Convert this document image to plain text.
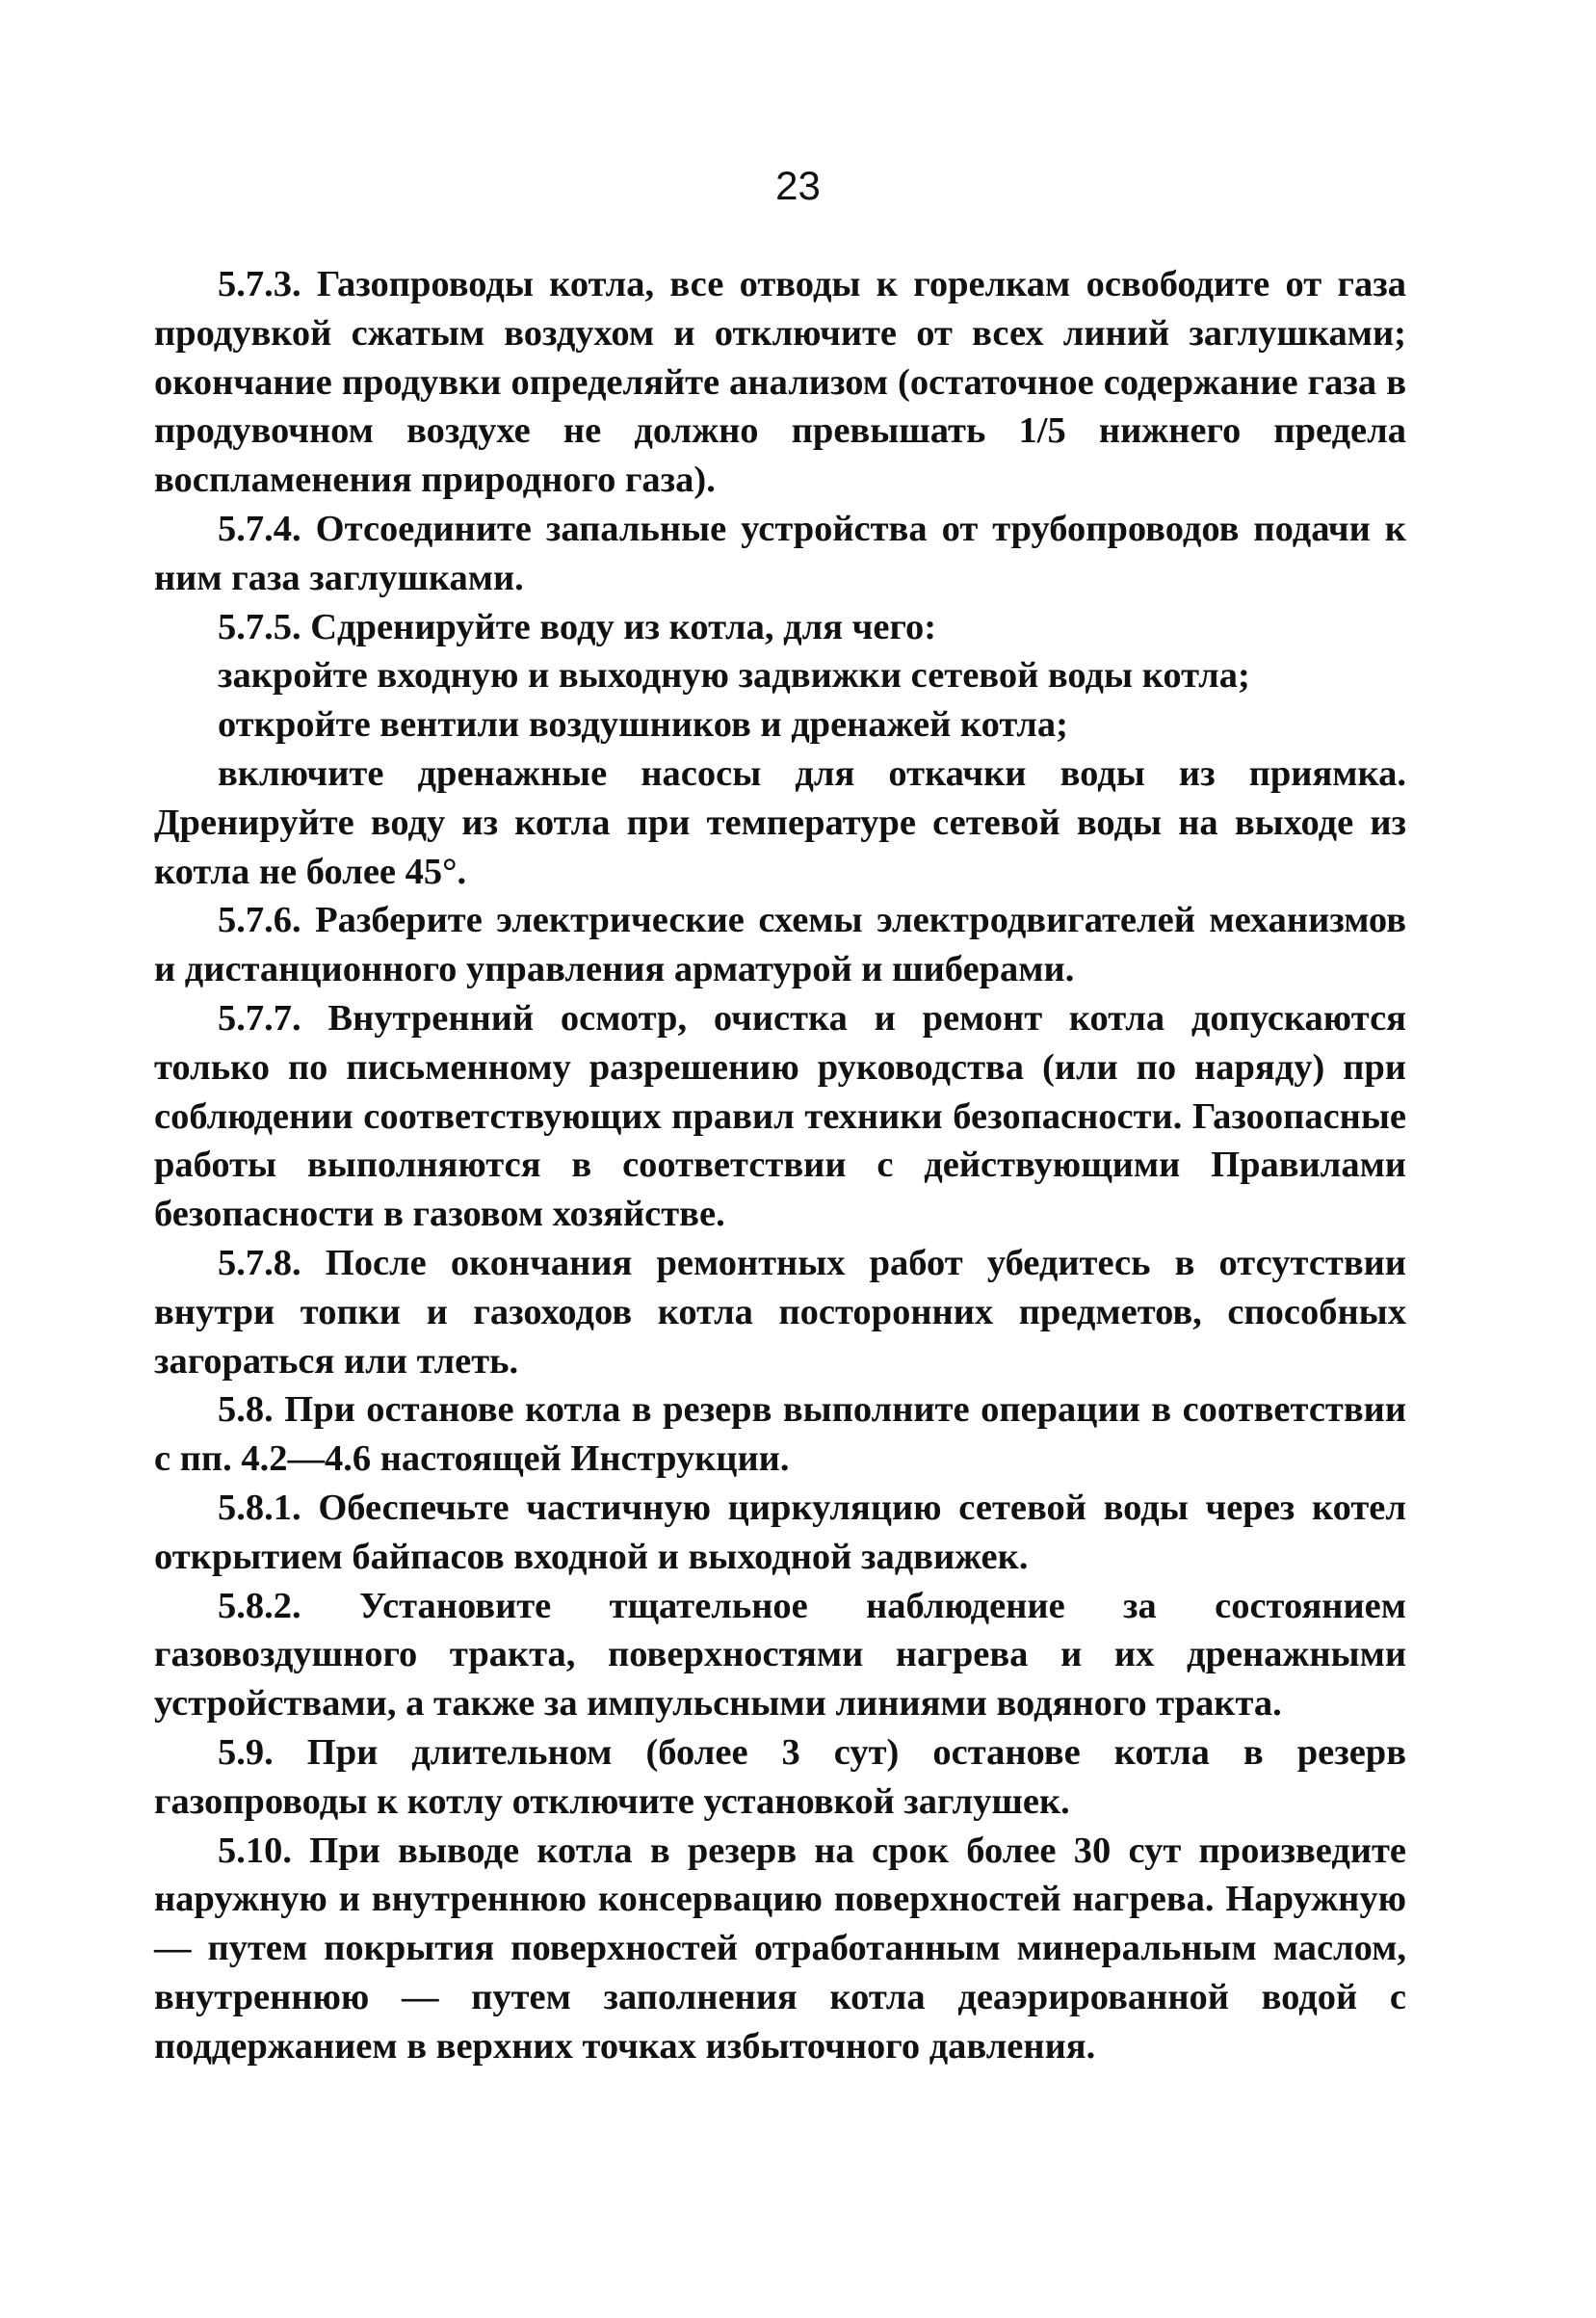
23

5.7.3. Газопроводы котла, все отводы к горелкам освободите от газа продувкой сжатым воздухом и отключите от всех линий заглушками; окончание продувки определяйте анализом (остаточное содержание газа в продувочном воздухе не должно превышать 1/5 нижнего предела воспламенения природного газа).

5.7.4. Отсоедините запальные устройства от трубопроводов подачи к ним газа заглушками.

5.7.5. Сдренируйте воду из котла, для чего:

закройте входную и выходную задвижки сетевой воды котла;

откройте вентили воздушников и дренажей котла;

включите дренажные насосы для откачки воды из приямка. Дренируйте воду из котла при температуре сетевой воды на выходе из котла не более 45°.

5.7.6. Разберите электрические схемы электродвигателей механизмов и дистанционного управления арматурой и шиберами.

5.7.7. Внутренний осмотр, очистка и ремонт котла допускаются только по письменному разрешению руководства (или по наряду) при соблюдении соответствующих правил техники безопасности. Газоопасные работы выполняются в соответствии с действующими Правилами безопасности в газовом хозяйстве.

5.7.8. После окончания ремонтных работ убедитесь в отсутствии внутри топки и газоходов котла посторонних предметов, способных загораться или тлеть.

5.8. При останове котла в резерв выполните операции в соответствии с пп. 4.2—4.6 настоящей Инструкции.

5.8.1. Обеспечьте частичную циркуляцию сетевой воды через котел открытием байпасов входной и выходной задвижек.

5.8.2. Установите тщательное наблюдение за состоянием газовоздушного тракта, поверхностями нагрева и их дренажными устройствами, а также за импульсными линиями водяного тракта.

5.9. При длительном (более 3 сут) останове котла в резерв газопроводы к котлу отключите установкой заглушек.

5.10. При выводе котла в резерв на срок более 30 сут произведите наружную и внутреннюю консервацию поверхностей нагрева. Наружную — путем покрытия поверхностей отработанным минеральным маслом, внутреннюю — путем заполнения котла деаэрированной водой с поддержанием в верхних точках избыточного давления.
